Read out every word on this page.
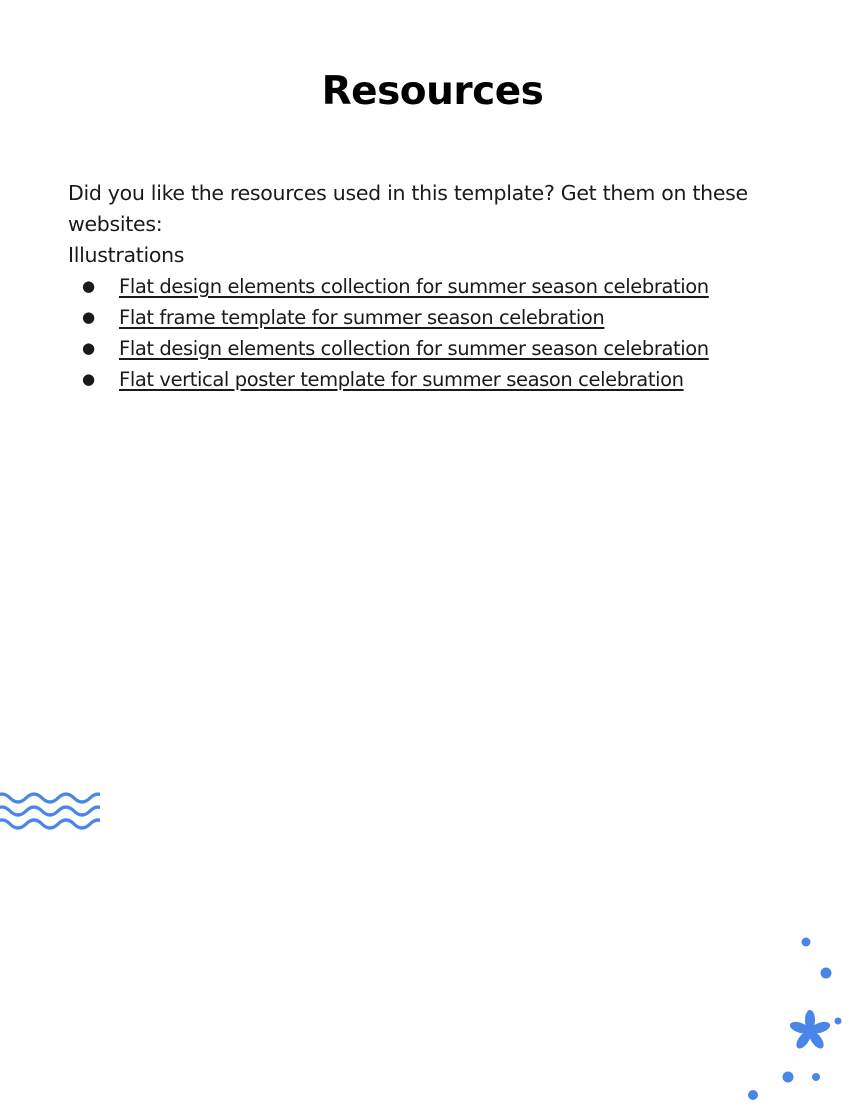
Resources

Did you like the resources used in this template? Get them on these websites:

Illustrations

● Flat design elements collection for summer season celebration
● Flat frame template for summer season celebration
● Flat design elements collection for summer season celebration
● Flat vertical poster template for summer season celebration
